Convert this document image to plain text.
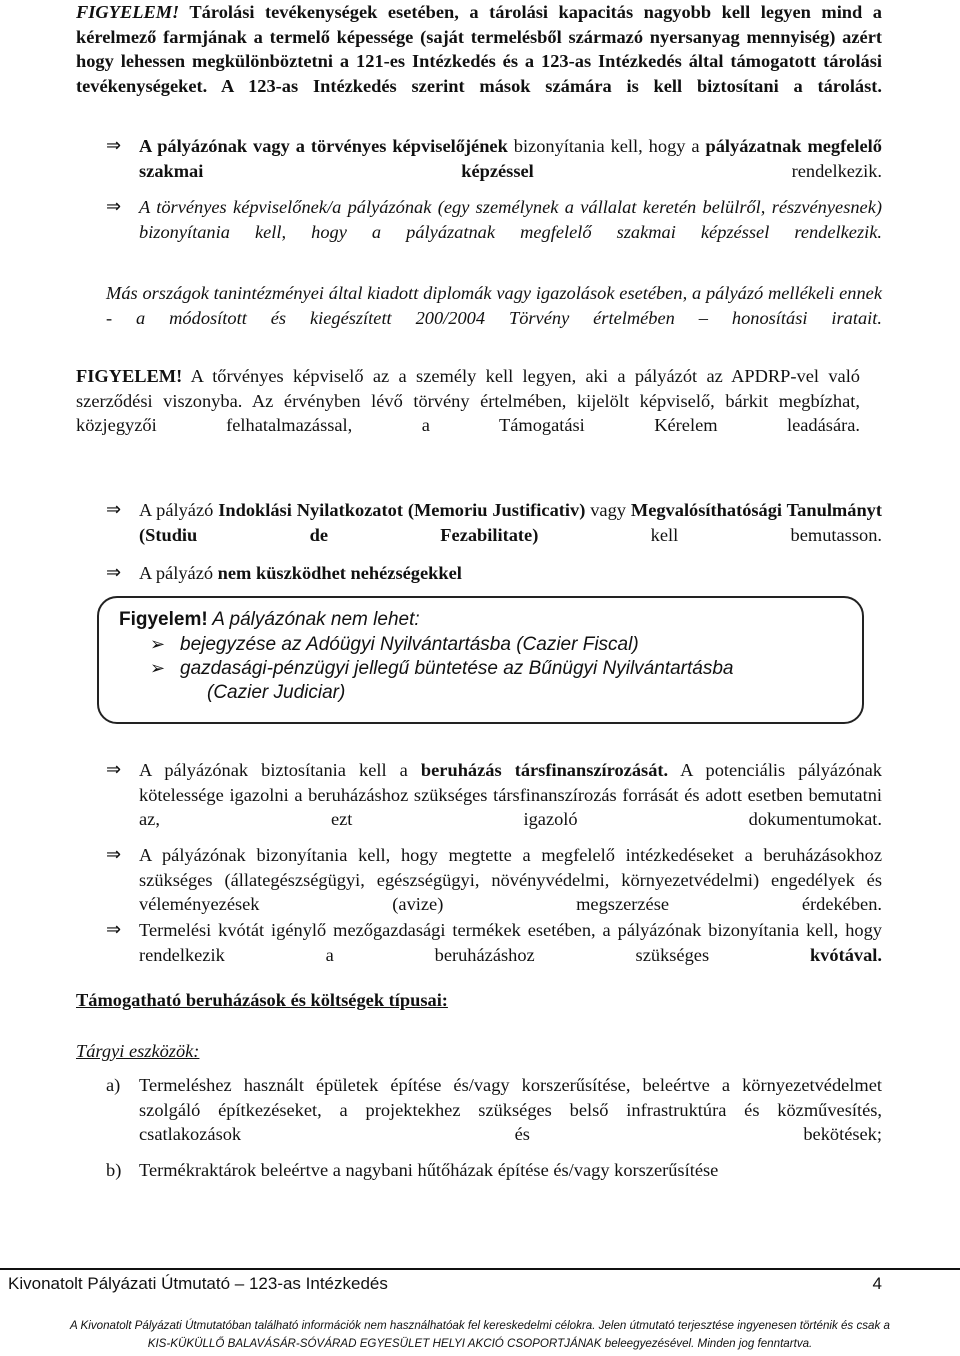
FIGYELEM! Tárolási tevékenységek esetében, a tárolási kapacitás nagyobb kell legyen mind a kérelmező farmjának a termelő képessége (saját termelésből származó nyersanyag mennyiség) azért hogy lehessen megkülönböztetni a 121-es Intézkedés és a 123-as Intézkedés által támogatott tárolási tevékenységeket. A 123-as Intézkedés szerint mások számára is kell biztosítani a tárolást.

⇒ A pályázónak vagy a törvényes képviselőjének bizonyítania kell, hogy a pályázatnak megfelelő szakmai képzéssel rendelkezik.

⇒ A törvényes képviselőnek/a pályázónak (egy személynek a vállalat keretén belülről, részvényesnek) bizonyítania kell, hogy a pályázatnak megfelelő szakmai képzéssel rendelkezik.

Más országok tanintézményei által kiadott diplomák vagy igazolások esetében, a pályázó mellékeli ennek - a módosított és kiegészített 200/2004 Törvény értelmében – honosítási iratait.

FIGYELEM! A tőrvényes képviselő az a személy kell legyen, aki a pályázót az APDRP-vel való szerződési viszonyba. Az érvényben lévő törvény értelmében, kijelölt képviselő, bárkit megbízhat, közjegyzői felhatalmazással, a Támogatási Kérelem leadására.

⇒ A pályázó Indoklási Nyilatkozatot (Memoriu Justificativ) vagy Megvalósíthatósági Tanulmányt (Studiu de Fezabilitate) kell bemutasson.

⇒ A pályázó nem küszködhet nehézségekkel

Figyelem! A pályázónak nem lehet:
➢ bejegyzése az Adóügyi Nyilvántartásba (Cazier Fiscal)
➢ gazdasági-pénzügyi jellegű büntetése az Bűnügyi Nyilvántartásba
(Cazier Judiciar)
⇒ A pályázónak biztosítania kell a beruházás társfinanszírozását. A potenciális pályázónak kötelessége igazolni a beruházáshoz szükséges társfinanszírozás forrását és adott esetben bemutatni az, ezt igazoló dokumentumokat.

⇒ A pályázónak bizonyítania kell, hogy megtette a megfelelő intézkedéseket a beruházásokhoz szükséges (állategészségügyi, egészségügyi, növényvédelmi, környezetvédelmi) engedélyek és véleményezések (avize) megszerzése érdekében.

⇒ Termelési kvótát igénylő mezőgazdasági termékek esetében, a pályázónak bizonyítania kell, hogy rendelkezik a beruházáshoz szükséges kvótával.

Támogatható beruházások és költségek típusai:

Tárgyi eszközök:

a) Termeléshez használt épületek építése és/vagy korszerűsítése, beleértve a környezetvédelmet szolgáló építkezéseket, a projektekhez szükséges belső infrastruktúra és közművesítés, csatlakozások és bekötések;

b) Termékraktárok beleértve a nagybani hűtőházak építése és/vagy korszerűsítése

Kivonatolt Pályázati Útmutató – 123-as Intézkedés	4
A Kivonatolt Pályázati Útmutatóban található információk nem használhatóak fel kereskedelmi célokra. Jelen útmutató terjesztése ingyenesen történik és csak a
KIS-KÜKÜLLŐ BALAVÁSÁR-SÓVÁRAD EGYESÜLET HELYI AKCIÓ CSOPORTJÁNAK beleegyezésével. Minden jog fenntartva.
